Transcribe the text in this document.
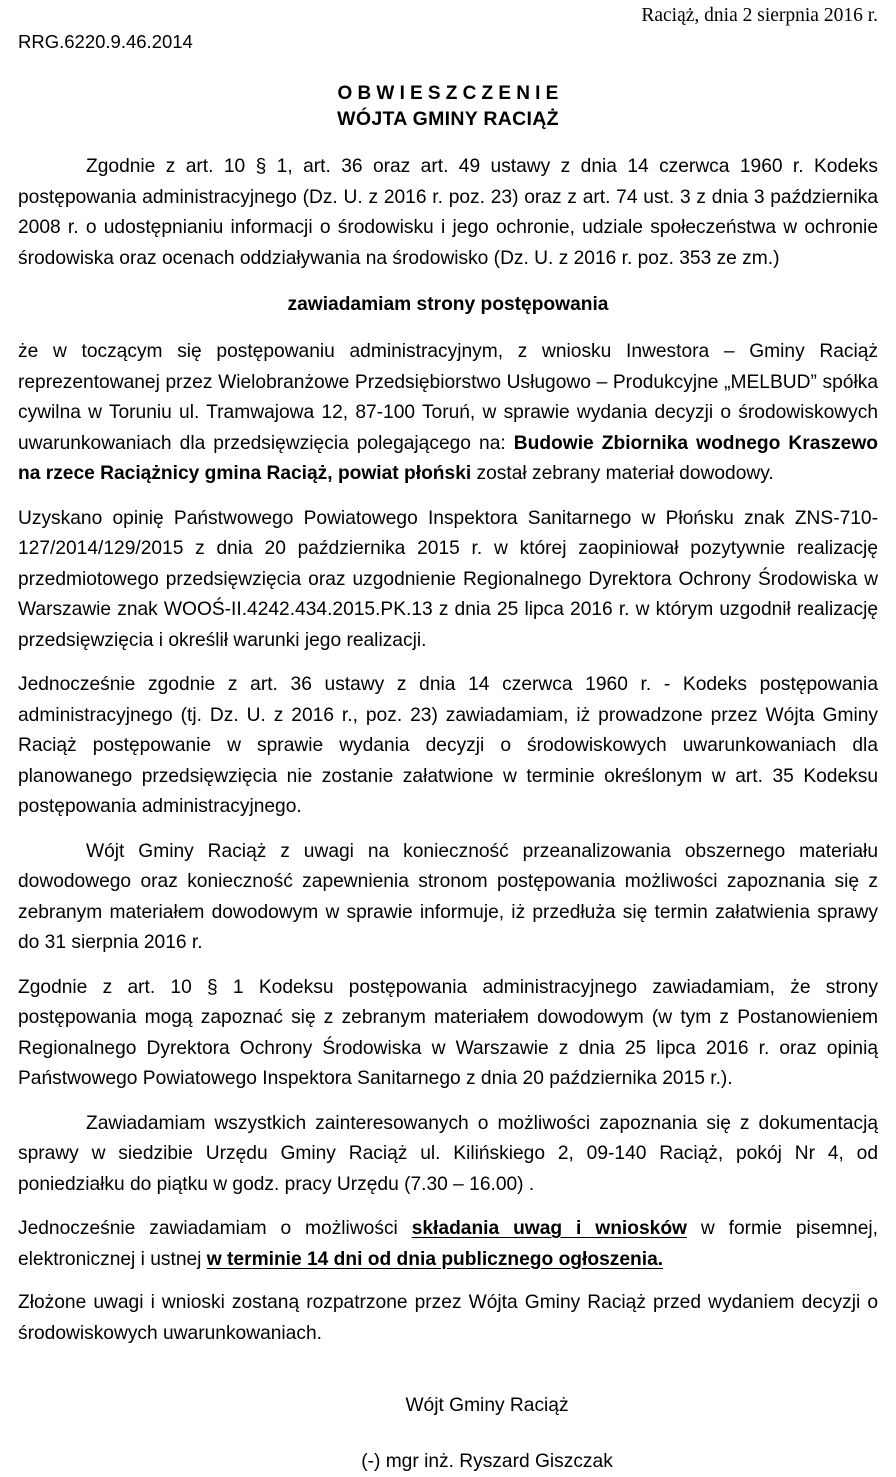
Raciąż, dnia 2 sierpnia 2016 r.
RRG.6220.9.46.2014
OBWIESZCZENIE
WÓJTA GMINY RACIĄŻ

Zgodnie z art. 10 § 1, art. 36 oraz art. 49 ustawy z dnia 14 czerwca 1960 r. Kodeks postępowania administracyjnego (Dz. U. z 2016 r. poz. 23) oraz z art. 74 ust. 3 z dnia 3 października 2008 r. o udostępnianiu informacji o środowisku i jego ochronie, udziale społeczeństwa w ochronie środowiska oraz ocenach oddziaływania na środowisko (Dz. U. z 2016 r. poz. 353 ze zm.)

zawiadamiam strony postępowania

że w toczącym się postępowaniu administracyjnym, z wniosku Inwestora – Gminy Raciąż reprezentowanej przez Wielobranżowe Przedsiębiorstwo Usługowo – Produkcyjne „MELBUD” spółka cywilna w Toruniu ul. Tramwajowa 12, 87-100 Toruń, w sprawie wydania decyzji o środowiskowych uwarunkowaniach dla przedsięwzięcia polegającego na: Budowie Zbiornika wodnego Kraszewo na rzece Raciążnicy gmina Raciąż, powiat płoński został zebrany materiał dowodowy.

Uzyskano opinię Państwowego Powiatowego Inspektora Sanitarnego w Płońsku znak ZNS-710-127/2014/129/2015 z dnia 20 października 2015 r. w której zaopiniował pozytywnie realizację przedmiotowego przedsięwzięcia oraz uzgodnienie Regionalnego Dyrektora Ochrony Środowiska w Warszawie znak WOOŚ-II.4242.434.2015.PK.13 z dnia 25 lipca 2016 r. w którym uzgodnił realizację przedsięwzięcia i określił warunki jego realizacji.

Jednocześnie zgodnie z art. 36 ustawy z dnia 14 czerwca 1960 r. - Kodeks postępowania administracyjnego (tj. Dz. U. z 2016 r., poz. 23) zawiadamiam, iż prowadzone przez Wójta Gminy Raciąż postępowanie w sprawie wydania decyzji o środowiskowych uwarunkowaniach dla planowanego przedsięwzięcia nie zostanie załatwione w terminie określonym w art. 35 Kodeksu postępowania administracyjnego.

Wójt Gminy Raciąż z uwagi na konieczność przeanalizowania obszernego materiału dowodowego oraz konieczność zapewnienia stronom postępowania możliwości zapoznania się z zebranym materiałem dowodowym w sprawie informuje, iż przedłuża się termin załatwienia sprawy do 31 sierpnia 2016 r.

Zgodnie z art. 10 § 1 Kodeksu postępowania administracyjnego zawiadamiam, że strony postępowania mogą zapoznać się z zebranym materiałem dowodowym (w tym z Postanowieniem Regionalnego Dyrektora Ochrony Środowiska w Warszawie z dnia 25 lipca 2016 r. oraz opinią Państwowego Powiatowego Inspektora Sanitarnego z dnia 20 października 2015 r.).

Zawiadamiam wszystkich zainteresowanych o możliwości zapoznania się z dokumentacją sprawy w siedzibie Urzędu Gminy Raciąż ul. Kilińskiego 2, 09-140 Raciąż, pokój Nr 4, od poniedziałku do piątku w godz. pracy Urzędu (7.30 – 16.00) .

Jednocześnie zawiadamiam o możliwości składania uwag i wniosków w formie pisemnej, elektronicznej i ustnej w terminie 14 dni od dnia publicznego ogłoszenia.

Złożone uwagi i wnioski zostaną rozpatrzone przez Wójta Gminy Raciąż przed wydaniem decyzji o środowiskowych uwarunkowaniach.

Wójt Gminy Raciąż
(-) mgr inż. Ryszard Giszczak
